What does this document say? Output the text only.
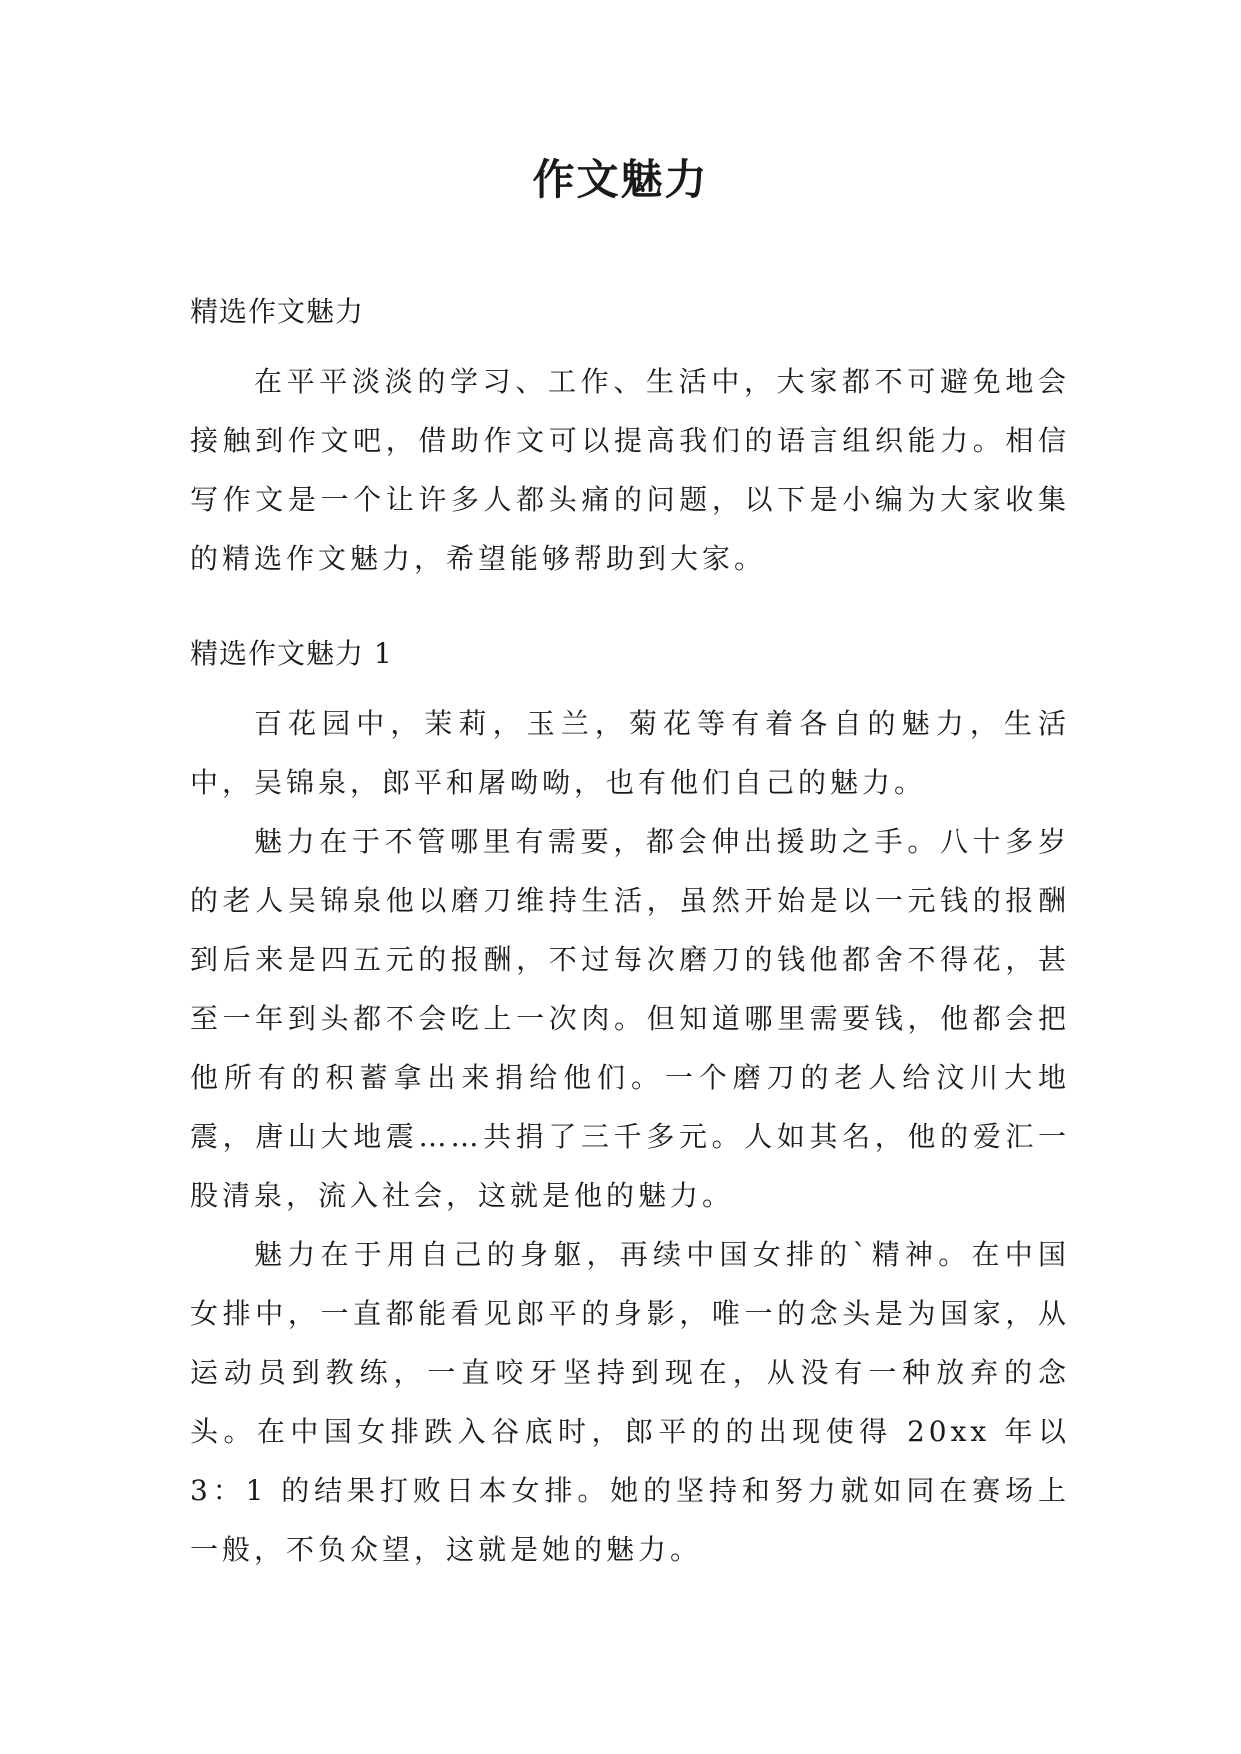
作文魅力

精选作文魅力

在平平淡淡的学习、工作、生活中，大家都不可避免地会接触到作文吧，借助作文可以提高我们的语言组织能力。相信写作文是一个让许多人都头痛的问题，以下是小编为大家收集的精选作文魅力，希望能够帮助到大家。

精选作文魅力 1

百花园中，茉莉，玉兰，菊花等有着各自的魅力，生活中，吴锦泉，郎平和屠呦呦，也有他们自己的魅力。

魅力在于不管哪里有需要，都会伸出援助之手。八十多岁的老人吴锦泉他以磨刀维持生活，虽然开始是以一元钱的报酬到后来是四五元的报酬，不过每次磨刀的钱他都舍不得花，甚至一年到头都不会吃上一次肉。但知道哪里需要钱，他都会把他所有的积蓄拿出来捐给他们。一个磨刀的老人给汶川大地震，唐山大地震……共捐了三千多元。人如其名，他的爱汇一股清泉，流入社会，这就是他的魅力。

魅力在于用自己的身躯，再续中国女排的`精神。在中国女排中，一直都能看见郎平的身影，唯一的念头是为国家，从运动员到教练，一直咬牙坚持到现在，从没有一种放弃的念头。在中国女排跌入谷底时，郎平的的出现使得 20xx 年以 3：1 的结果打败日本女排。她的坚持和努力就如同在赛场上一般，不负众望，这就是她的魅力。
